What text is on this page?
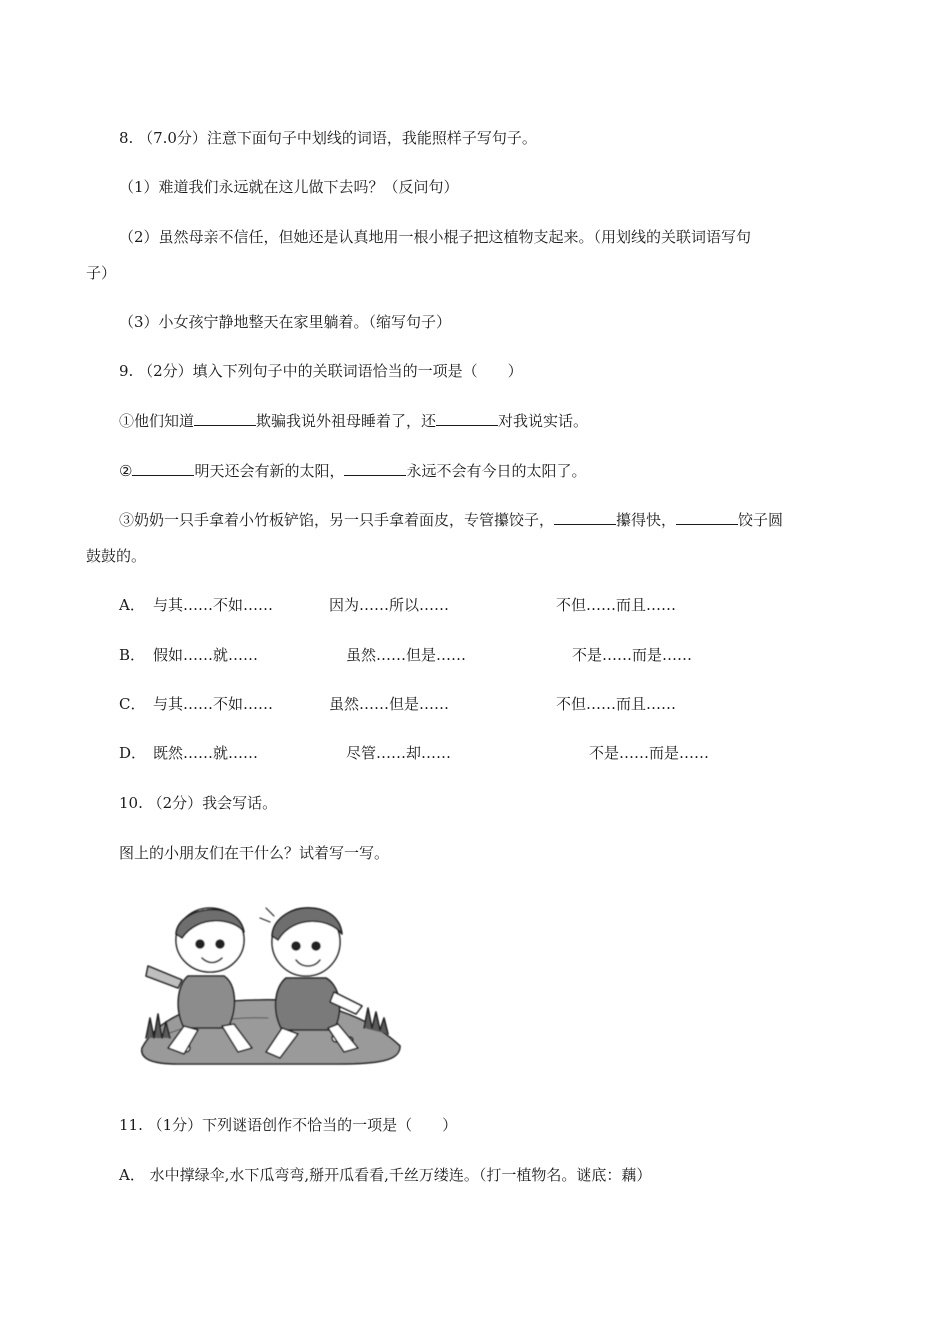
8. （7.0分）注意下面句子中划线的词语，我能照样子写句子。
（1）难道我们永远就在这儿做下去吗？（反问句）
（2）虽然母亲不信任，但她还是认真地用一根小棍子把这植物支起来。（用划线的关联词语写句
子）
（3）小女孩宁静地整天在家里躺着。（缩写句子）
9. （2分）填入下列句子中的关联词语恰当的一项是（　　）
①他们知道	欺骗我说外祖母睡着了，还	对我说实话。
②	明天还会有新的太阳，	永远不会有今日的太阳了。
③奶奶一只手拿着小竹板铲馅，另一只手拿着面皮，专管攥饺子，	攥得快，	饺子圆
鼓鼓的。
A． 与其……不如……	因为……所以……	不但……而且……
B． 假如……就……	虽然……但是……	不是……而是……
C． 与其……不如……	虽然……但是……	不但……而且……
D． 既然……就……	尽管……却……	不是……而是……
10. （2分）我会写话。
图上的小朋友们在干什么？试着写一写。
11. （1分）下列谜语创作不恰当的一项是（　　）
A． 水中撑绿伞,水下瓜弯弯,掰开瓜看看,千丝万缕连。（打一植物名。谜底：藕）
